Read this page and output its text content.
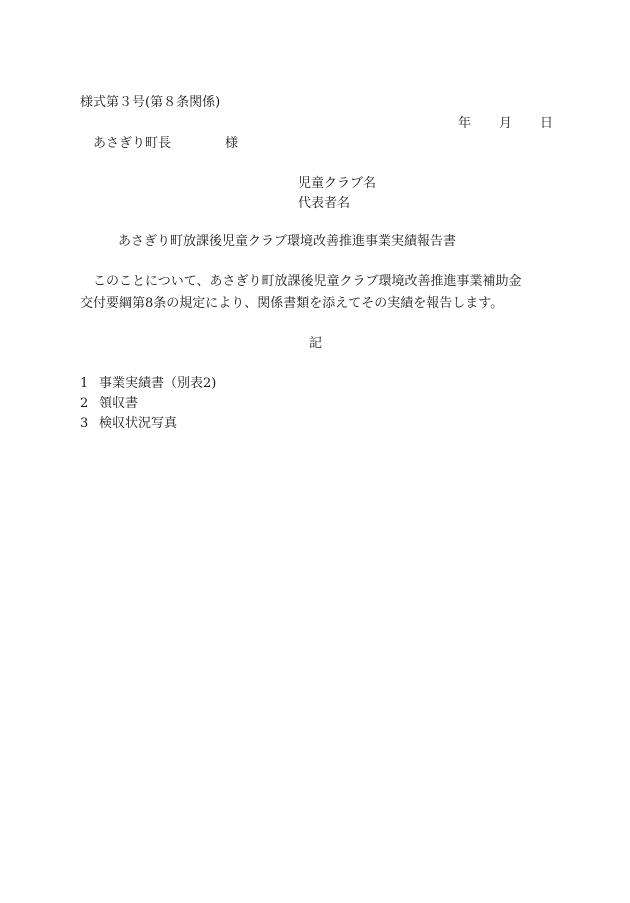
様式第３号(第８条関係)
年 月 日
あさぎり町長	様
児童クラブ名
代表者名
あさぎり町放課後児童クラブ環境改善推進事業実績報告書
このことについて、あさぎり町放課後児童クラブ環境改善推進事業補助金
交付要綱第8条の規定により、関係書類を添えてその実績を報告します。
記
1 事業実績書（別表2)
2 領収書
3 検収状況写真
